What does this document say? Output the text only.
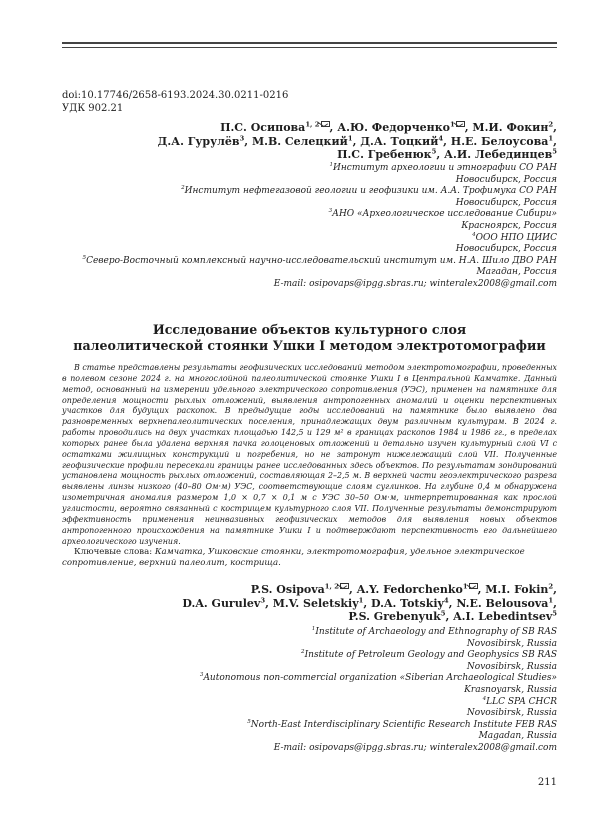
doi:10.17746/2658-6193.2024.30.0211-0216
УДК 902.21
П.С. Осипова$^{1, 2}$ , А.Ю. Федорченко$^1$ , М.И. Фокин$^2$,
Д.А. Гурулёв$^3$, М.В. Селецкий$^1$, Д.А. Тоцкий$^4$, Н.Е. Белоусова$^1$,
П.С. Гребенюк$^5$, А.И. Лебединцев$^5$
$^1$Институт археологии и этнографии СО РАН
Новосибирск, Россия
$^2$Институт нефтегазовой геологии и геофизики им. А.А. Трофимука СО РАН
Новосибирск, Россия
$^3$АНО «Археологическое исследование Сибири»
Красноярск, Россия
$^4$ООО НПО ЦИИС
Новосибирск, Россия
$^5$Северо-Восточный комплексный научно-исследовательский институт им. Н.А. Шило ДВО РАН
Магадан, Россия
E-mail: osipovaps@ipgg.sbras.ru; winteralex2008@gmail.com
Исследование объектов культурного слоя
палеолитической стоянки Ушки I методом электротомографии
В статье представлены результаты геофизических исследований методом электротомографии, проведенных в полевом сезоне 2024 г. на многослойной палеолитической стоянке Ушки I в Центральной Камчатке. Данный метод, основанный на измерении удельного электрического сопротивления (УЭС), применен на памятнике для определения мощности рыхлых отложений, выявления антропогенных аномалий и оценки перспективных участков для будущих раскопок. В предыдущие годы исследований на памятнике было выявлено два разновременных верхнепалеолитических поселения, принадлежащих двум различным культурам. В 2024 г. работы проводились на двух участках площадью 142,5 и 129 м² в границах раскопов 1984 и 1986 гг., в пределах которых ранее была удалена верхняя пачка голоценовых отложений и детально изучен культурный слой VI с остатками жилищных конструкций и погребения, но не затронут нижележащий слой VII. Полученные геофизические профили пересекали границы ранее исследованных здесь объектов. По результатам зондирований установлена мощность рыхлых отложений, составляющая 2–2,5 м. В верхней части геоэлектрического разреза выявлены линзы низкого (40–80 Ом·м) УЭС, соответствующие слоям суглинков. На глубине 0,4 м обнаружена изометричная аномалия размером 1,0 × 0,7 × 0,1 м с УЭС 30–50 Ом·м, интерпретированная как прослой углистости, вероятно связанный с кострищем культурного слоя VII. Полученные результаты демонстрируют эффективность применения неинвазивных геофизических методов для выявления новых объектов антропогенного происхождения на памятнике Ушки I и подтверждают перспективность его дальнейшего археологического изучения.
Ключевые слова: Камчатка, Ушковские стоянки, электротомография, удельное электрическое сопротивление, верхний палеолит, кострища.
P.S. Osipova$^{1, 2}$ , A.Y. Fedorchenko$^1$ , M.I. Fokin$^2$,
D.A. Gurulev$^3$, M.V. Seletskiy$^1$, D.A. Totskiy$^4$, N.E. Belousova$^1$,
P.S. Grebenyuk$^5$, A.I. Lebedintsev$^5$
$^1$Institute of Archaeology and Ethnography of SB RAS
Novosibirsk, Russia
$^2$Institute of Petroleum Geology and Geophysics SB RAS
Novosibirsk, Russia
$^3$Autonomous non-commercial organization «Siberian Archaeological Studies»
Krasnoyarsk, Russia
$^4$LLC SPA CHCR
Novosibirsk, Russia
$^5$North-East Interdisciplinary Scientific Research Institute FEB RAS
Magadan, Russia
E-mail: osipovaps@ipgg.sbras.ru; winteralex2008@gmail.com
211
